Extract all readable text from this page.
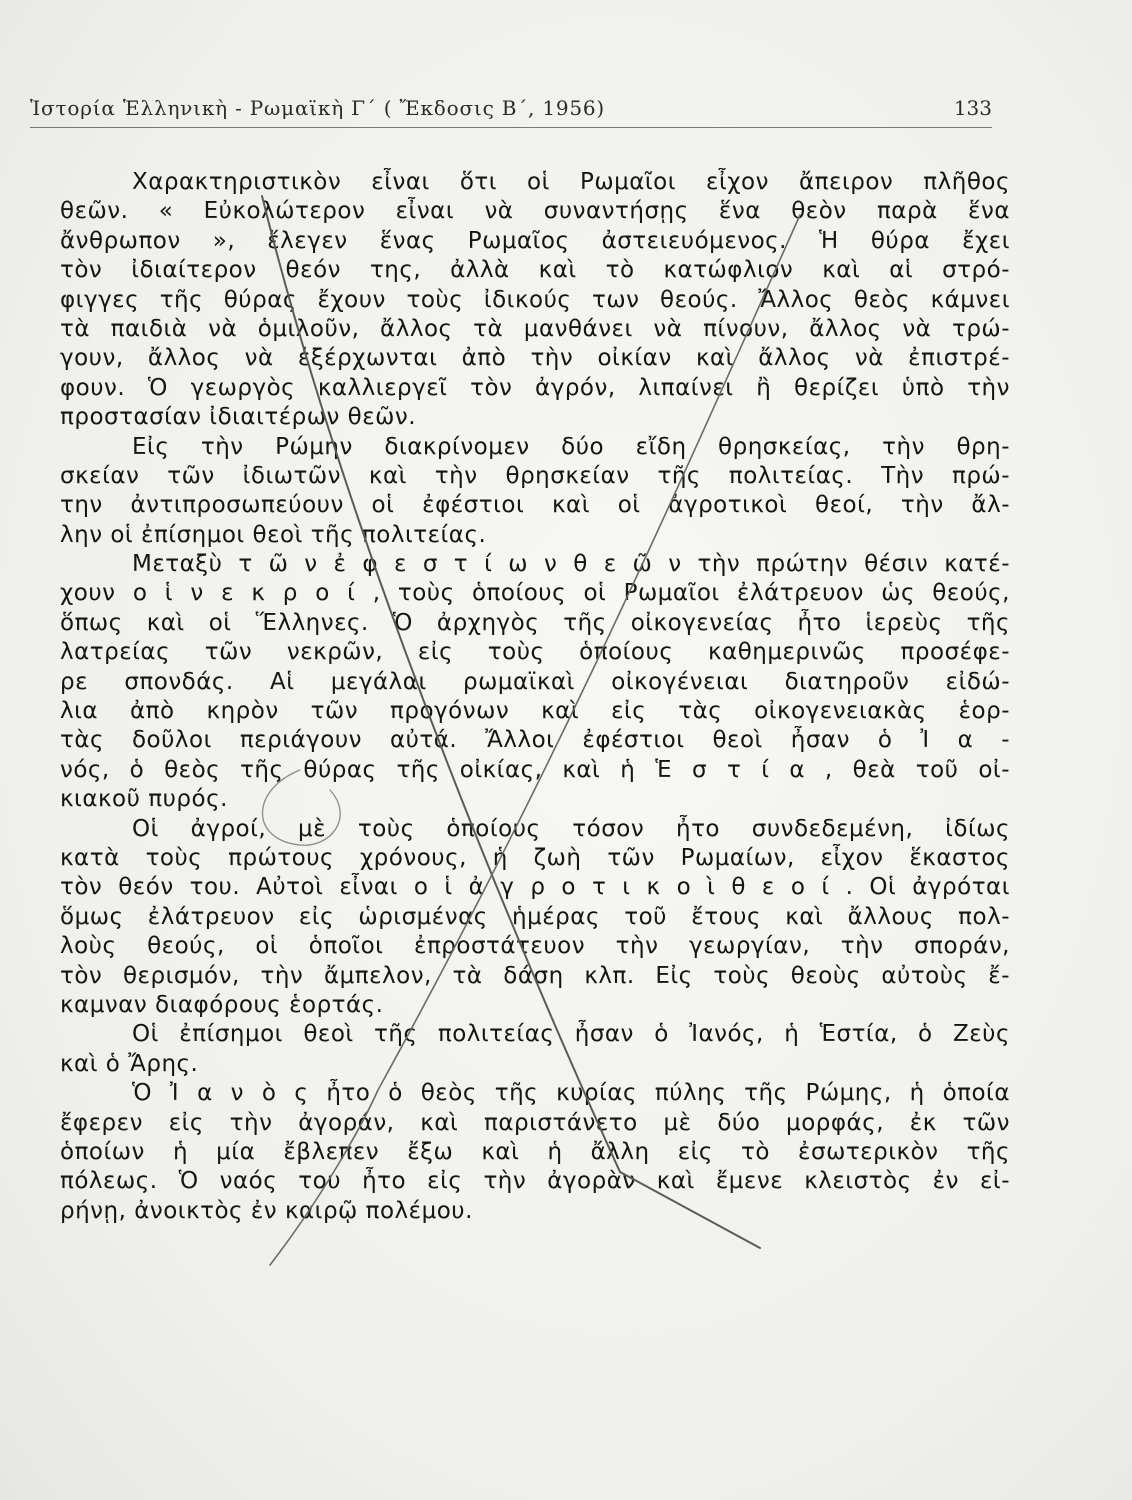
Ἱστορία Ἑλληνικὴ - Ρωμαϊκὴ Γ΄ ( Ἔκδοσις Β΄, 1956)	133
Χαρακτηριστικὸν εἶναι ὅτι οἱ Ρωμαῖοι εἶχον ἄπειρον πλῆθος
θεῶν. « Εὐκολώτερον εἶναι νὰ συναντήσῃς ἕνα θεὸν παρὰ ἕνα
ἄνθρωπον », ἔλεγεν ἕνας Ρωμαῖος ἀστειευόμενος. Ἡ θύρα ἔχει
τὸν ἰδιαίτερον θεόν της, ἀλλὰ καὶ τὸ κατώφλιον καὶ αἱ στρό-
φιγγες τῆς θύρας ἔχουν τοὺς ἰδικούς των θεούς. Ἄλλος θεὸς κάμνει
τὰ παιδιὰ νὰ ὁμιλοῦν, ἄλλος τὰ μανθάνει νὰ πίνουν, ἄλλος νὰ τρώ-
γουν, ἄλλος νὰ ἐξέρχωνται ἀπὸ τὴν οἰκίαν καὶ ἄλλος νὰ ἐπιστρέ-
φουν. Ὁ γεωργὸς καλλιεργεῖ τὸν ἀγρόν, λιπαίνει ἢ θερίζει ὑπὸ τὴν
προστασίαν ἰδιαιτέρων θεῶν.
Εἰς τὴν Ρώμην διακρίνομεν δύο εἴδη θρησκείας, τὴν θρη-
σκείαν τῶν ἰδιωτῶν καὶ τὴν θρησκείαν τῆς πολιτείας. Τὴν πρώ-
την ἀντιπροσωπεύουν οἱ ἐφέστιοι καὶ οἱ ἀγροτικοὶ θεοί, τὴν ἄλ-
λην οἱ ἐπίσημοι θεοὶ τῆς πολιτείας.
Μεταξὺ τ ῶ ν ἐ φ ε σ τ ί ω ν θ ε ῶ ν τὴν πρώτην θέσιν κατέ-
χουν ο ἱ ν ε κ ρ ο ί , τοὺς ὁποίους οἱ Ρωμαῖοι ἐλάτρευον ὡς θεούς,
ὅπως καὶ οἱ Ἕλληνες. Ὁ ἀρχηγὸς τῆς οἰκογενείας ἦτο ἱερεὺς τῆς
λατρείας τῶν νεκρῶν, εἰς τοὺς ὁποίους καθημερινῶς προσέφε-
ρε σπονδάς. Αἱ μεγάλαι ρωμαϊκαὶ οἰκογένειαι διατηροῦν εἰδώ-
λια ἀπὸ κηρὸν τῶν προγόνων καὶ εἰς τὰς οἰκογενειακὰς ἑορ-
τὰς δοῦλοι περιάγουν αὐτά. Ἄλλοι ἐφέστιοι θεοὶ ἦσαν ὁ Ἰ α -
νός, ὁ θεὸς τῆς θύρας τῆς οἰκίας, καὶ ἡ Ἑ σ τ ί α , θεὰ τοῦ οἰ-
κιακοῦ πυρός.
Οἱ ἀγροί, μὲ τοὺς ὁποίους τόσον ἦτο συνδεδεμένη, ἰδίως
κατὰ τοὺς πρώτους χρόνους, ἡ ζωὴ τῶν Ρωμαίων, εἶχον ἕκαστος
τὸν θεόν του. Αὐτοὶ εἶναι ο ἱ ἀ γ ρ ο τ ι κ ο ὶ θ ε ο ί . Οἱ ἀγρόται
ὅμως ἐλάτρευον εἰς ὡρισμένας ἡμέρας τοῦ ἔτους καὶ ἄλλους πολ-
λοὺς θεούς, οἱ ὁποῖοι ἐπροστάτευον τὴν γεωργίαν, τὴν σποράν,
τὸν θερισμόν, τὴν ἄμπελον, τὰ δάση κλπ. Εἰς τοὺς θεοὺς αὐτοὺς ἔ-
καμναν διαφόρους ἑορτάς.
Οἱ ἐπίσημοι θεοὶ τῆς πολιτείας ἦσαν ὁ Ἰανός, ἡ Ἑστία, ὁ Ζεὺς
καὶ ὁ Ἄρης.
Ὁ Ἰ α ν ὸ ς ἦτο ὁ θεὸς τῆς κυρίας πύλης τῆς Ρώμης, ἡ ὁποία
ἔφερεν εἰς τὴν ἀγοράν, καὶ παριστάνετο μὲ δύο μορφάς, ἐκ τῶν
ὁποίων ἡ μία ἔβλεπεν ἔξω καὶ ἡ ἄλλη εἰς τὸ ἐσωτερικὸν τῆς
πόλεως. Ὁ ναός του ἦτο εἰς τὴν ἀγορὰν καὶ ἔμενε κλειστὸς ἐν εἰ-
ρήνῃ, ἀνοικτὸς ἐν καιρῷ πολέμου.
